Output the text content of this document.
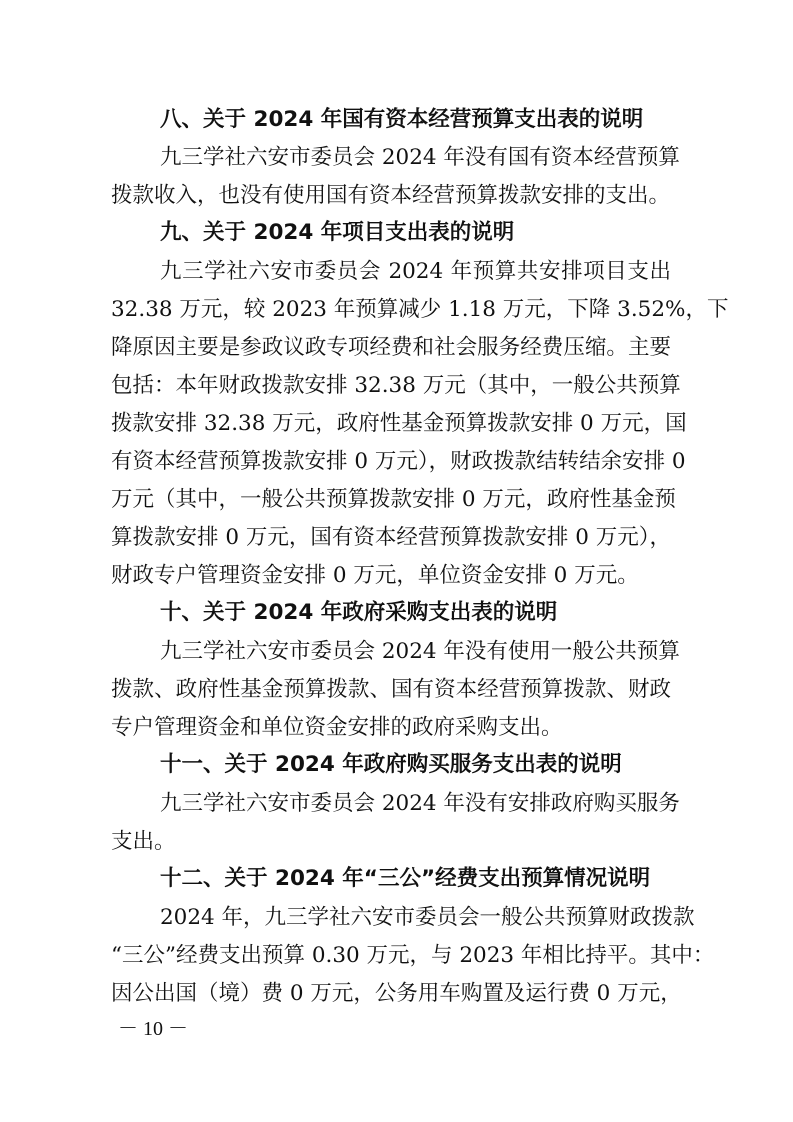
八、关于 2024 年国有资本经营预算支出表的说明
九三学社六安市委员会 2024 年没有国有资本经营预算
拨款收入，也没有使用国有资本经营预算拨款安排的支出。
九、关于 2024 年项目支出表的说明
九三学社六安市委员会 2024 年预算共安排项目支出
32.38 万元，较 2023 年预算减少 1.18 万元，下降 3.52%，下
降原因主要是参政议政专项经费和社会服务经费压缩。主要
包括：本年财政拨款安排 32.38 万元（其中，一般公共预算
拨款安排 32.38 万元，政府性基金预算拨款安排 0 万元，国
有资本经营预算拨款安排 0 万元），财政拨款结转结余安排 0
万元（其中，一般公共预算拨款安排 0 万元，政府性基金预
算拨款安排 0 万元，国有资本经营预算拨款安排 0 万元），
财政专户管理资金安排 0 万元，单位资金安排 0 万元。
十、关于 2024 年政府采购支出表的说明
九三学社六安市委员会 2024 年没有使用一般公共预算
拨款、政府性基金预算拨款、国有资本经营预算拨款、财政
专户管理资金和单位资金安排的政府采购支出。
十一、关于 2024 年政府购买服务支出表的说明
九三学社六安市委员会 2024 年没有安排政府购买服务
支出。
十二、关于 2024 年“三公”经费支出预算情况说明
2024 年，九三学社六安市委员会一般公共预算财政拨款
“三公”经费支出预算 0.30 万元，与 2023 年相比持平。其中：
因公出国（境）费 0 万元，公务用车购置及运行费 0 万元，
－ 10 －
